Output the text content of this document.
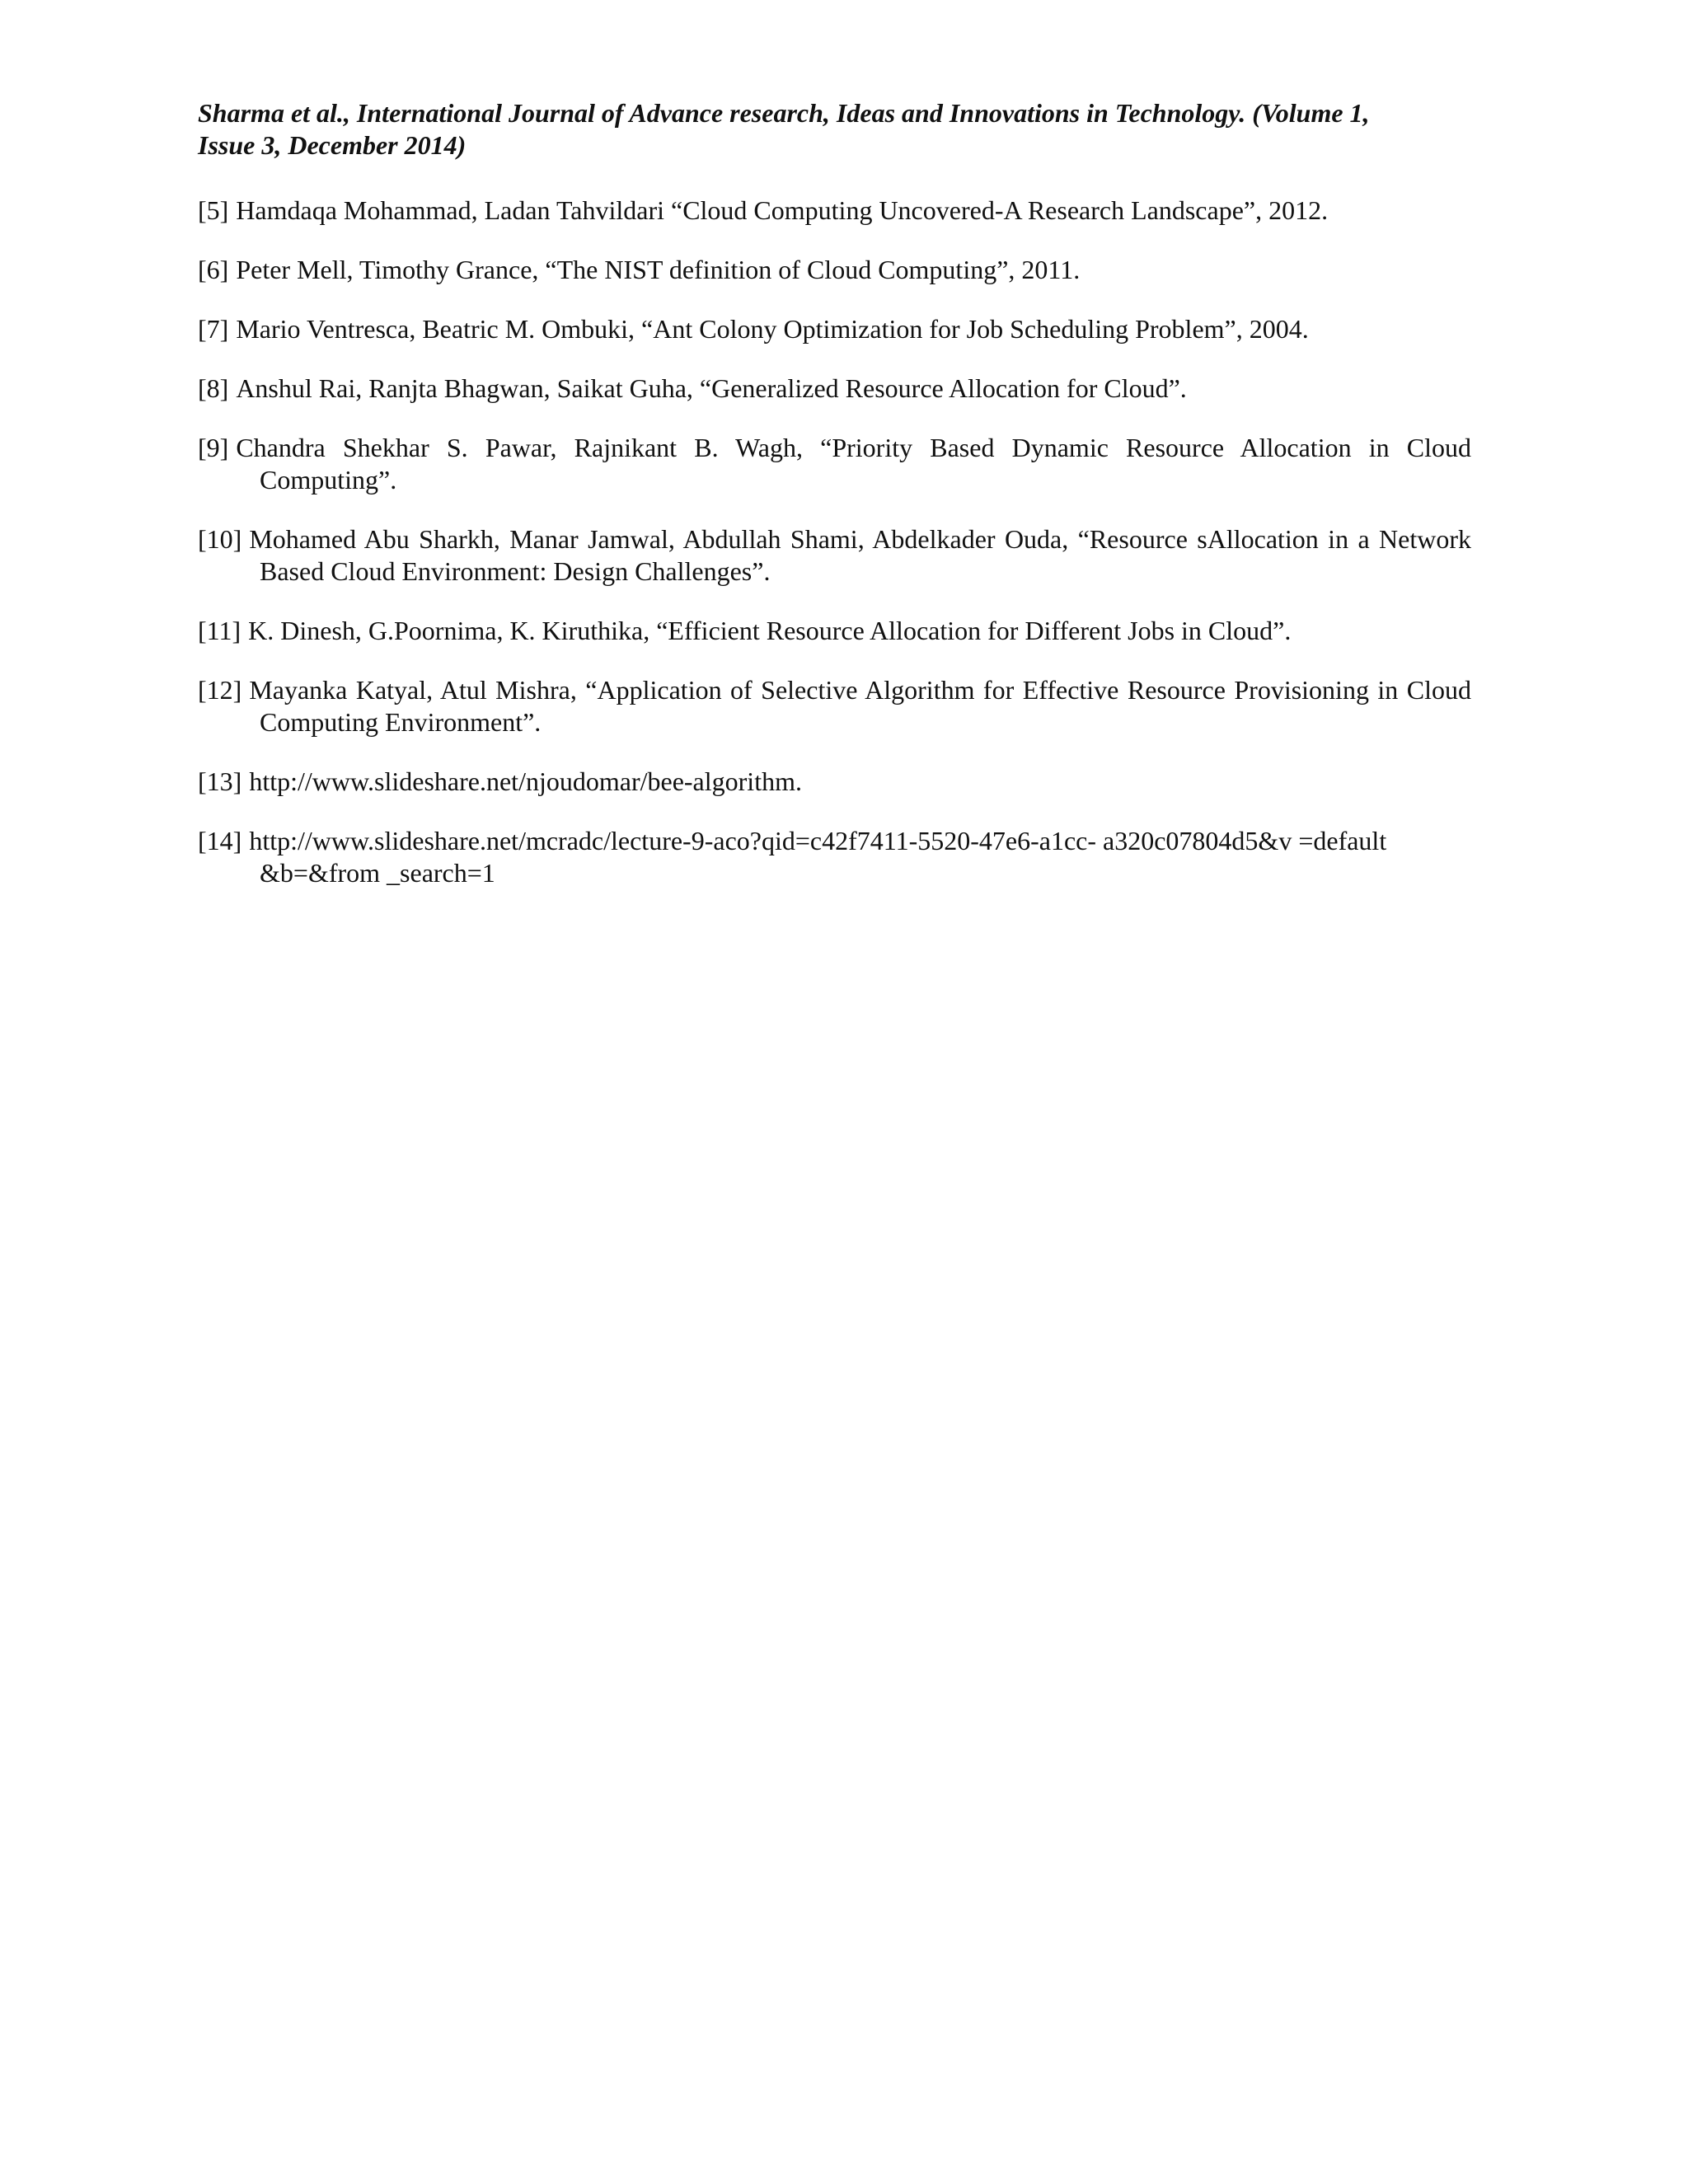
Sharma et al., International Journal of Advance research, Ideas and Innovations in Technology. (Volume 1,
Issue 3, December 2014)
[5] Hamdaqa Mohammad, Ladan Tahvildari “Cloud Computing Uncovered-A Research Landscape”, 2012.
[6] Peter Mell, Timothy Grance, “The NIST definition of Cloud Computing”, 2011.
[7] Mario Ventresca, Beatric M. Ombuki, “Ant Colony Optimization for Job Scheduling Problem”, 2004.
[8] Anshul Rai, Ranjta Bhagwan, Saikat Guha, “Generalized Resource Allocation for Cloud”.
[9] Chandra Shekhar S. Pawar, Rajnikant B. Wagh, “Priority Based Dynamic Resource Allocation in Cloud Computing”.
[10] Mohamed Abu Sharkh, Manar Jamwal, Abdullah Shami, Abdelkader Ouda, “Resource sAllocation in a Network Based Cloud Environment: Design Challenges”.
[11] K. Dinesh, G.Poornima, K. Kiruthika, “Efficient Resource Allocation for Different Jobs in Cloud”.
[12] Mayanka Katyal, Atul Mishra, “Application of Selective Algorithm for Effective Resource Provisioning in Cloud Computing Environment”.
[13] http://www.slideshare.net/njoudomar/bee-algorithm.
[14] http://www.slideshare.net/mcradc/lecture-9-aco?qid=c42f7411-5520-47e6-a1cc- a320c07804d5&v =default &b=&from _search=1
